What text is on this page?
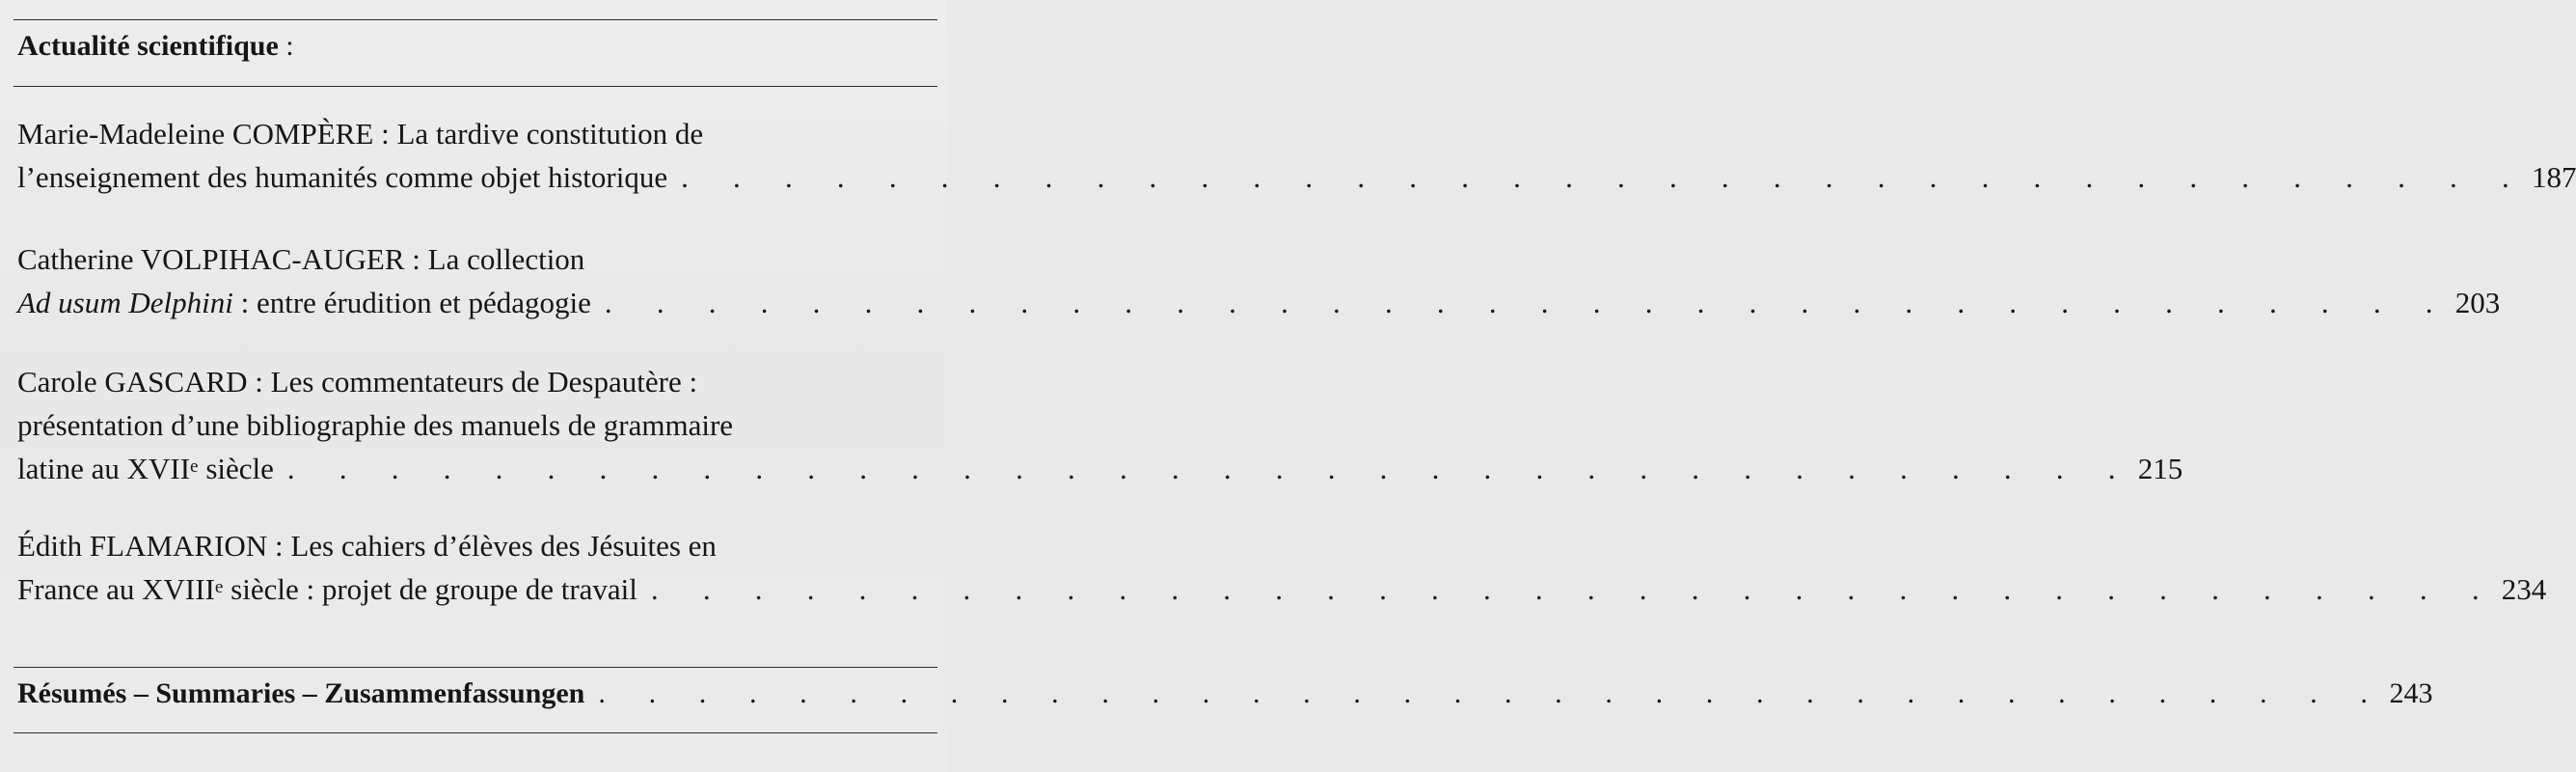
Actualité scientifique :
Marie-Madeleine COMPÈRE : La tardive constitution de
l’enseignement des humanités comme objet historique . . . . . . . . . . . . . . . . . . . . . . . . . . . . . . . . . . . . 187
Catherine VOLPIHAC-AUGER : La collection
Ad usum Delphini : entre érudition et pédagogie . . . . . . . . . . . . . . . . . . . . . . . . . . . . . . . . . . . . 203
Carole GASCARD : Les commentateurs de Despautère :
présentation d’une bibliographie des manuels de grammaire
latine au XVIIe siècle . . . . . . . . . . . . . . . . . . . . . . . . . . . . . . . . . . . . 215
Édith FLAMARION : Les cahiers d’élèves des Jésuites en
France au XVIIIe siècle : projet de groupe de travail . . . . . . . . . . . . . . . . . . . . . . . . . . . . . . . . . . . . 234
Résumés – Summaries – Zusammenfassungen . . . . . . . . . . . . . . . . . . . . . . . . . . . . . . . . . . . . 243
